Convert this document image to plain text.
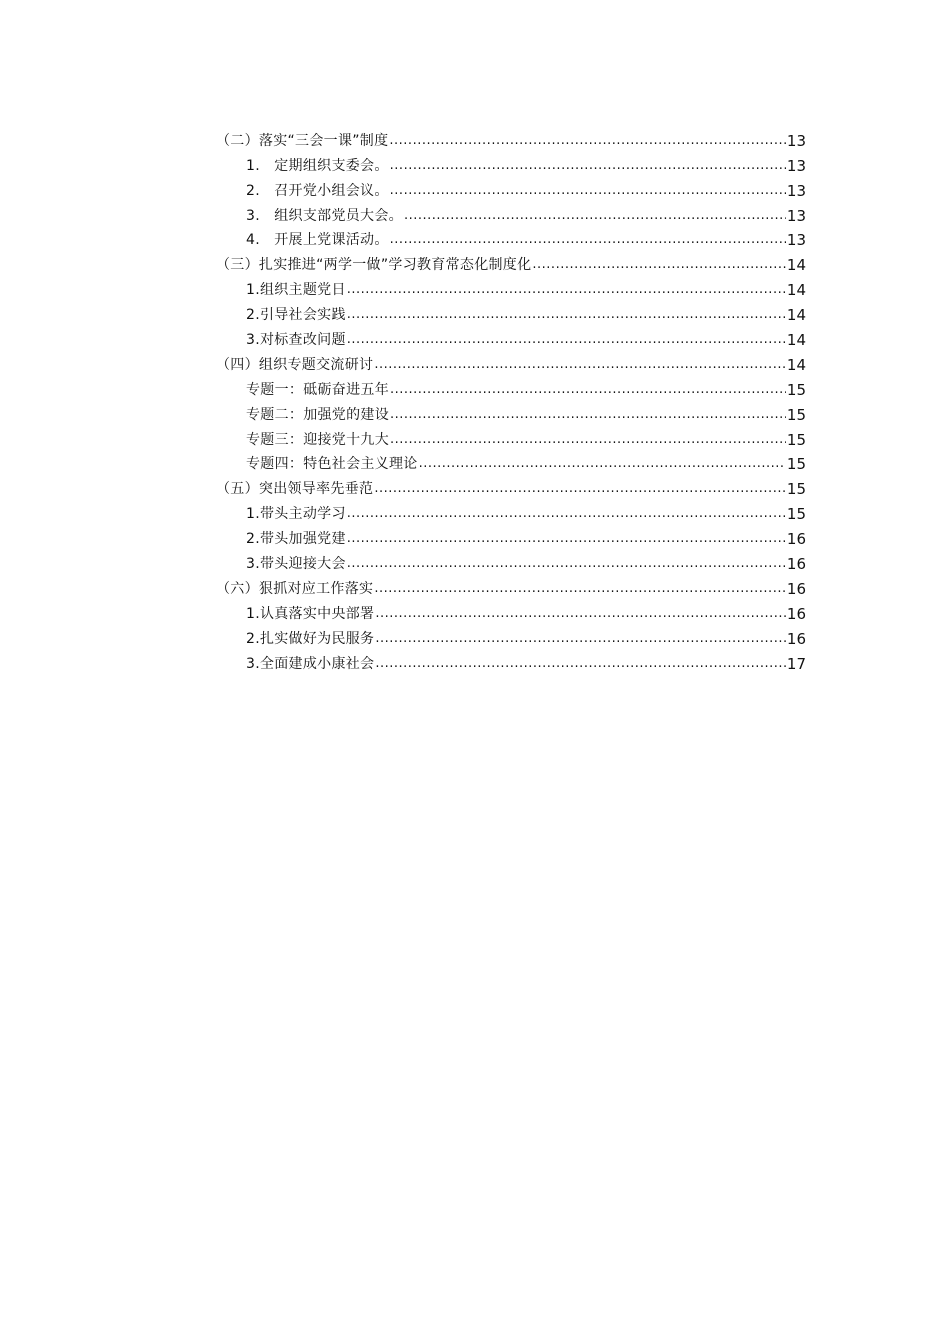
（二）落实“三会一课”制度 .....	13
1.　定期组织支委会。 .....	13
2.　召开党小组会议。 .....	13
3.　组织支部党员大会。 .....	13
4.　开展上党课活动。 .....	13
（三）扎实推进“两学一做”学习教育常态化制度化 .....	14
1.组织主题党日 .....	14
2.引导社会实践 .....	14
3.对标查改问题 .....	14
（四）组织专题交流研讨 .....	14
专题一：砥砺奋进五年 .....	15
专题二：加强党的建设 .....	15
专题三：迎接党十九大 .....	15
专题四：特色社会主义理论 .....	15
（五）突出领导率先垂范 .....	15
1.带头主动学习 .....	15
2.带头加强党建 .....	16
3.带头迎接大会 .....	16
（六）狠抓对应工作落实 .....	16
1.认真落实中央部署 .....	16
2.扎实做好为民服务 .....	16
3.全面建成小康社会 .....	17
